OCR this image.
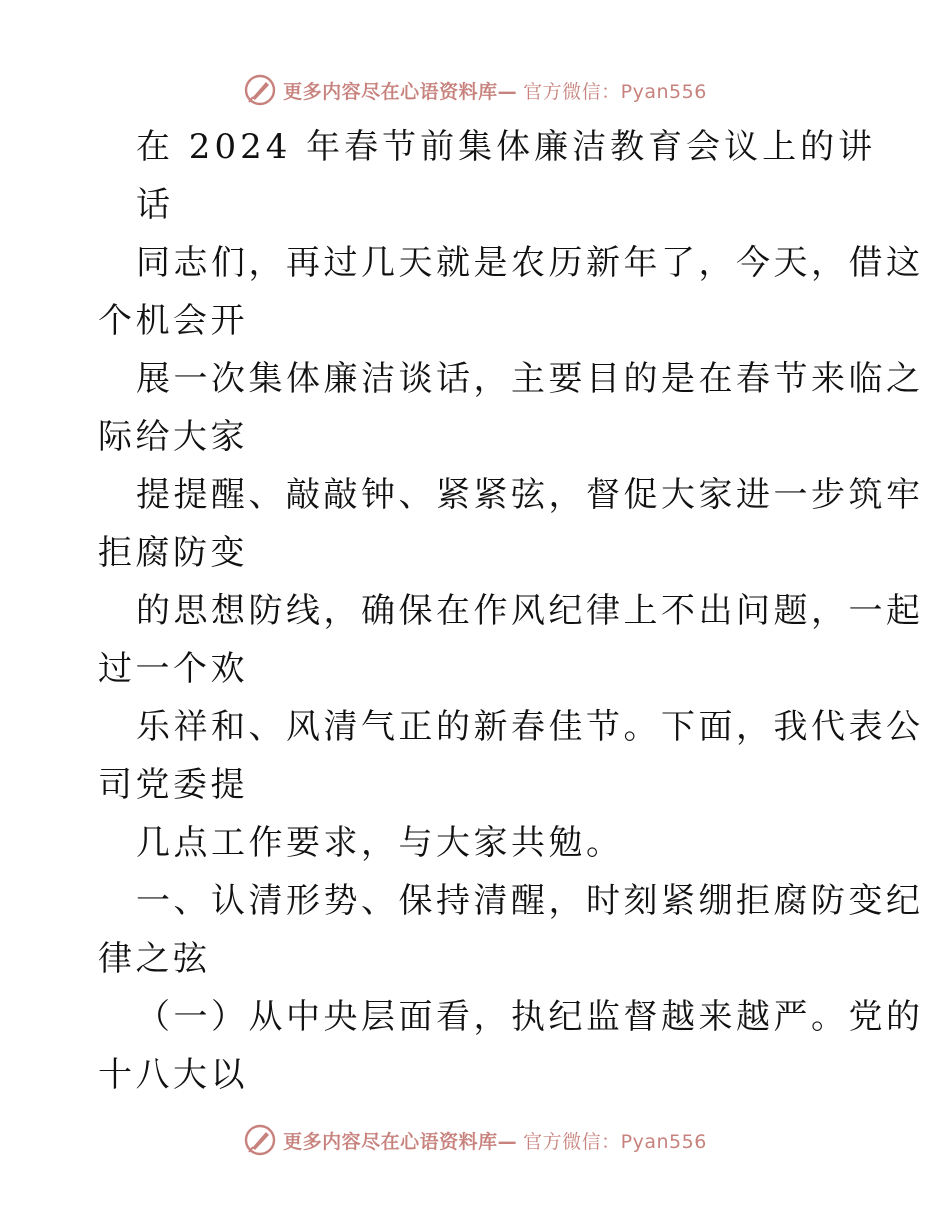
更多内容尽在心语资料库— 官方微信：Pyan556
在 2024 年春节前集体廉洁教育会议上的讲
话
同志们，再过几天就是农历新年了，今天，借这
个机会开
展一次集体廉洁谈话，主要目的是在春节来临之
际给大家
提提醒、敲敲钟、紧紧弦，督促大家进一步筑牢
拒腐防变
的思想防线，确保在作风纪律上不出问题，一起
过一个欢
乐祥和、风清气正的新春佳节。下面，我代表公
司党委提
几点工作要求，与大家共勉。
一、认清形势、保持清醒，时刻紧绷拒腐防变纪
律之弦
（一）从中央层面看，执纪监督越来越严。党的
十八大以
更多内容尽在心语资料库— 官方微信：Pyan556
